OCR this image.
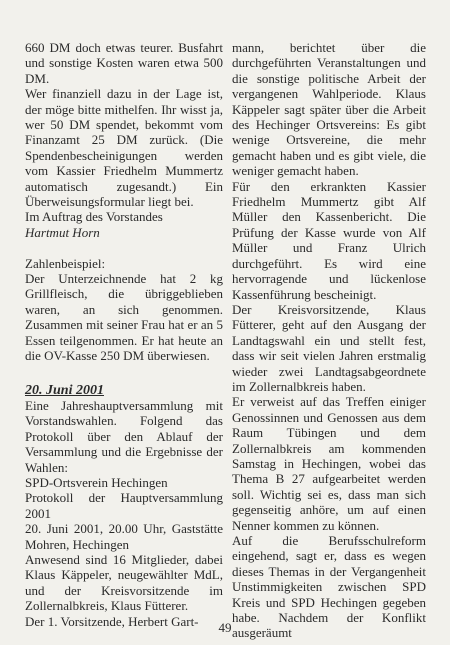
660 DM doch etwas teurer. Busfahrt und sonstige Kosten waren etwa 500 DM.

Wer finanziell dazu in der Lage ist, der möge bitte mithelfen. Ihr wisst ja, wer 50 DM spendet, bekommt vom Finanzamt 25 DM zurück. (Die Spendenbescheinigungen werden vom Kassier Friedhelm Mummertz automatisch zugesandt.) Ein Überweisungsformular liegt bei.

Im Auftrag des Vorstandes

Hartmut Horn

Zahlenbeispiel:

Der Unterzeichnende hat 2 kg Grillfleisch, die übriggeblieben waren, an sich genommen. Zusammen mit seiner Frau hat er an 5 Essen teilgenommen. Er hat heute an die OV-Kasse 250 DM überwiesen.

20. Juni 2001

Eine Jahreshauptversammlung mit Vorstandswahlen. Folgend das Protokoll über den Ablauf der Versammlung und die Ergebnisse der Wahlen:

SPD-Ortsverein Hechingen

Protokoll der Hauptversammlung 2001

20. Juni 2001, 20.00 Uhr, Gaststätte Mohren, Hechingen

Anwesend sind 16 Mitglieder, dabei Klaus Käppeler, neugewählter MdL, und der Kreisvorsitzende im Zollernalbkreis, Klaus Fütterer.

Der 1. Vorsitzende, Herbert Gart-

mann, berichtet über die durchgeführten Veranstaltungen und die sonstige politische Arbeit der vergangenen Wahlperiode. Klaus Käppeler sagt später über die Arbeit des Hechinger Ortsvereins: Es gibt wenige Ortsvereine, die mehr gemacht haben und es gibt viele, die weniger gemacht haben.

Für den erkrankten Kassier Friedhelm Mummertz gibt Alf Müller den Kassenbericht. Die Prüfung der Kasse wurde von Alf Müller und Franz Ulrich durchgeführt. Es wird eine hervorragende und lückenlose Kassenführung bescheinigt.

Der Kreisvorsitzende, Klaus Fütterer, geht auf den Ausgang der Landtagswahl ein und stellt fest, dass wir seit vielen Jahren erstmalig wieder zwei Landtagsabgeordnete im Zollernalbkreis haben.

Er verweist auf das Treffen einiger Genossinnen und Genossen aus dem Raum Tübingen und dem Zollernalbkreis am kommenden Samstag in Hechingen, wobei das Thema B 27 aufgearbeitet werden soll. Wichtig sei es, dass man sich gegenseitig anhöre, um auf einen Nenner kommen zu können.

Auf die Berufsschulreform eingehend, sagt er, dass es wegen dieses Themas in der Vergangenheit Unstimmigkeiten zwischen SPD Kreis und SPD Hechingen gegeben habe. Nachdem der Konflikt ausgeräumt

49
